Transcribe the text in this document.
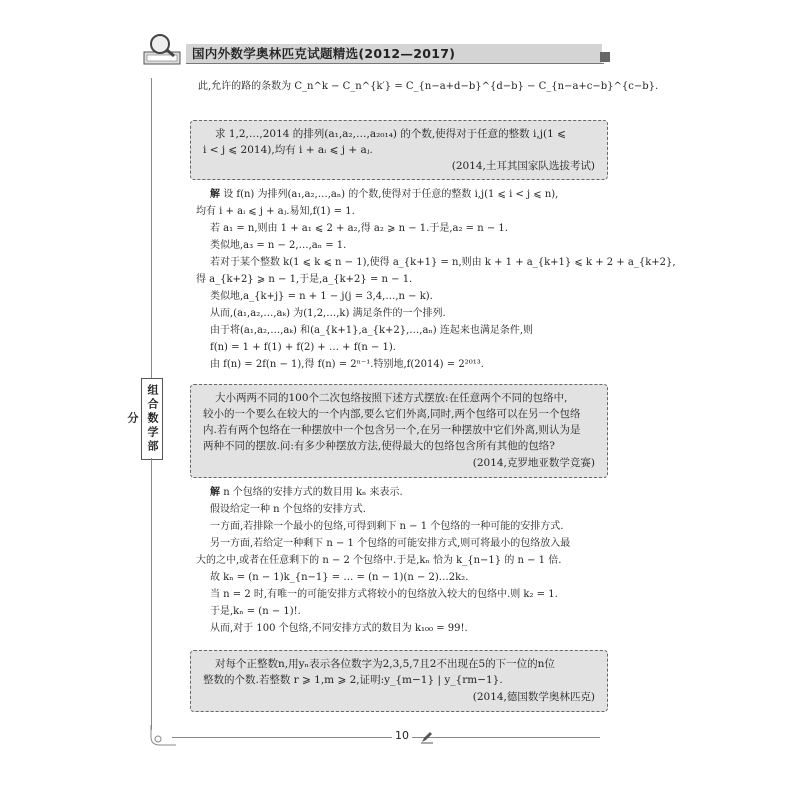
国内外数学奥林匹克试题精选(2012—2017)
组合数学部分
此,允许的路的条数为 C_n^k − C_n^{k′} = C_{n−a+d−b}^{d−b} − C_{n−a+c−b}^{c−b}.
求 1,2,…,2014 的排列(a₁,a₂,…,a₂₀₁₄) 的个数,使得对于任意的整数 i,j(1 ⩽
i < j ⩽ 2014),均有 i + aᵢ ⩽ j + aⱼ.
(2014,土耳其国家队选拔考试)
解 设 f(n) 为排列(a₁,a₂,…,aₙ) 的个数,使得对于任意的整数 i,j(1 ⩽ i < j ⩽ n),
均有 i + aᵢ ⩽ j + aⱼ.易知,f(1) = 1.
若 a₁ = n,则由 1 + a₁ ⩽ 2 + a₂,得 a₂ ⩾ n − 1.于是,a₂ = n − 1.
类似地,a₃ = n − 2,…,aₙ = 1.
若对于某个整数 k(1 ⩽ k ⩽ n − 1),使得 a_{k+1} = n,则由 k + 1 + a_{k+1} ⩽ k + 2 + a_{k+2},
得 a_{k+2} ⩾ n − 1,于是,a_{k+2} = n − 1.
类似地,a_{k+j} = n + 1 − j(j = 3,4,…,n − k).
从而,(a₁,a₂,…,aₖ) 为(1,2,…,k) 满足条件的一个排列.
由于将(a₁,a₂,…,aₖ) 和(a_{k+1},a_{k+2},…,aₙ) 连起来也满足条件,则
f(n) = 1 + f(1) + f(2) + … + f(n − 1).
由 f(n) = 2f(n − 1),得 f(n) = 2ⁿ⁻¹.特别地,f(2014) = 2²⁰¹³.
大小两两不同的100个二次包络按照下述方式摆放:在任意两个不同的包络中,
较小的一个要么在较大的一个内部,要么它们外离,同时,两个包络可以在另一个包络
内.若有两个包络在一种摆放中一个包含另一个,在另一种摆放中它们外离,则认为是
两种不同的摆放.问:有多少种摆放方法,使得最大的包络包含所有其他的包络?
(2014,克罗地亚数学竞赛)
解 n 个包络的安排方式的数目用 kₙ 来表示.
假设给定一种 n 个包络的安排方式.
一方面,若排除一个最小的包络,可得到剩下 n − 1 个包络的一种可能的安排方式.
另一方面,若给定一种剩下 n − 1 个包络的可能安排方式,则可将最小的包络放入最
大的之中,或者在任意剩下的 n − 2 个包络中.于是,kₙ 恰为 k_{n−1} 的 n − 1 倍.
故 kₙ = (n − 1)k_{n−1} = … = (n − 1)(n − 2)…2k₂.
当 n = 2 时,有唯一的可能安排方式将较小的包络放入较大的包络中.则 k₂ = 1.
于是,kₙ = (n − 1)!.
从而,对于 100 个包络,不同安排方式的数目为 k₁₀₀ = 99!.
对每个正整数n,用yₙ表示各位数字为2,3,5,7且2不出现在5的下一位的n位
整数的个数.若整数 r ⩾ 1,m ⩾ 2,证明:y_{m−1} | y_{rm−1}.
(2014,德国数学奥林匹克)
10
